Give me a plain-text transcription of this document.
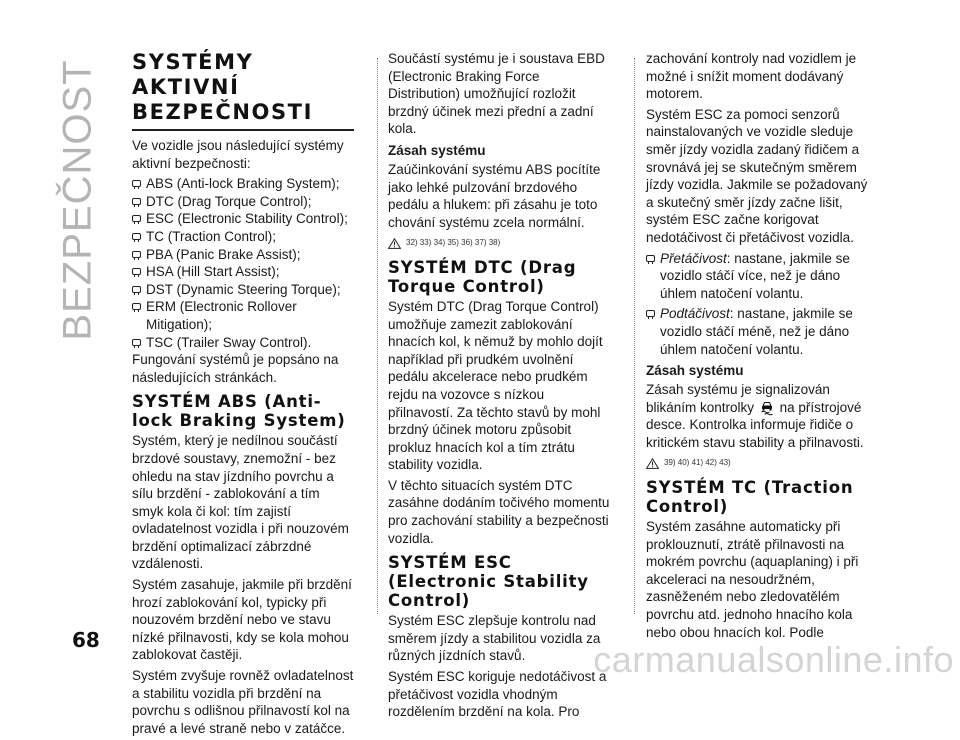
BEZPEČNOST
68	carmanualsonline.info
SYSTÉMY AKTIVNÍ BEZPEČNOSTI

Ve vozidle jsou následující systémy aktivní bezpečnosti:

ABS (Anti-lock Braking System);
DTC (Drag Torque Control);
ESC (Electronic Stability Control);
TC (Traction Control);
PBA (Panic Brake Assist);
HSA (Hill Start Assist);
DST (Dynamic Steering Torque);
ERM (Electronic Rollover Mitigation);
TSC (Trailer Sway Control).

Fungování systémů je popsáno na následujících stránkách.

SYSTÉM ABS (Anti-lock Braking System)

Systém, který je nedílnou součástí brzdové soustavy, znemožní - bez ohledu na stav jízdního povrchu a sílu brzdění - zablokování a tím smyk kola či kol: tím zajistí ovladatelnost vozidla i při nouzovém brzdění optimalizací zábrzdné vzdálenosti.

Systém zasahuje, jakmile při brzdění hrozí zablokování kol, typicky při nouzovém brzdění nebo ve stavu nízké přilnavosti, kdy se kola mohou zablokovat častěji.

Systém zvyšuje rovněž ovladatelnost a stabilitu vozidla při brzdění na povrchu s odlišnou přilnavostí kol na pravé a levé straně nebo v zatáčce.

Součástí systému je i soustava EBD (Electronic Braking Force Distribution) umožňující rozložit brzdný účinek mezi přední a zadní kola.

Zásah systému

Zaúčinkování systému ABS pocítíte jako lehké pulzování brzdového pedálu a hlukem: při zásahu je toto chování systému zcela normální.

32) 33) 34) 35) 36) 37) 38)
SYSTÉM DTC (Drag Torque Control)

Systém DTC (Drag Torque Control) umožňuje zamezit zablokování hnacích kol, k němuž by mohlo dojít například při prudkém uvolnění pedálu akcelerace nebo prudkém rejdu na vozovce s nízkou přilnavostí. Za těchto stavů by mohl brzdný účinek motoru způsobit prokluz hnacích kol a tím ztrátu stability vozidla.

V těchto situacích systém DTC zasáhne dodáním točivého momentu pro zachování stability a bezpečnosti vozidla.

SYSTÉM ESC (Electronic Stability Control)

Systém ESC zlepšuje kontrolu nad směrem jízdy a stabilitou vozidla za různých jízdních stavů.

Systém ESC koriguje nedotáčivost a přetáčivost vozidla vhodným rozdělením brzdění na kola. Pro

zachování kontroly nad vozidlem je možné i snížit moment dodávaný motorem.

Systém ESC za pomoci senzorů nainstalovaných ve vozidle sleduje směr jízdy vozidla zadaný řidičem a srovnává jej se skutečným směrem jízdy vozidla. Jakmile se požadovaný a skutečný směr jízdy začne lišit, systém ESC začne korigovat nedotáčivost či přetáčivost vozidla.

Přetáčivost: nastane, jakmile se vozidlo stáčí více, než je dáno úhlem natočení volantu.

Podtáčivost: nastane, jakmile se vozidlo stáčí méně, než je dáno úhlem natočení volantu.

Zásah systému

Zásah systému je signalizován blikáním kontrolky na přístrojové desce. Kontrolka informuje řidiče o kritickém stavu stability a přilnavosti.

39) 40) 41) 42) 43)
SYSTÉM TC (Traction Control)

Systém zasáhne automaticky při proklouznutí, ztrátě přilnavosti na mokrém povrchu (aquaplaning) i při akceleraci na nesoudržném, zasněženém nebo zledovatělém povrchu atd. jednoho hnacího kola nebo obou hnacích kol. Podle
